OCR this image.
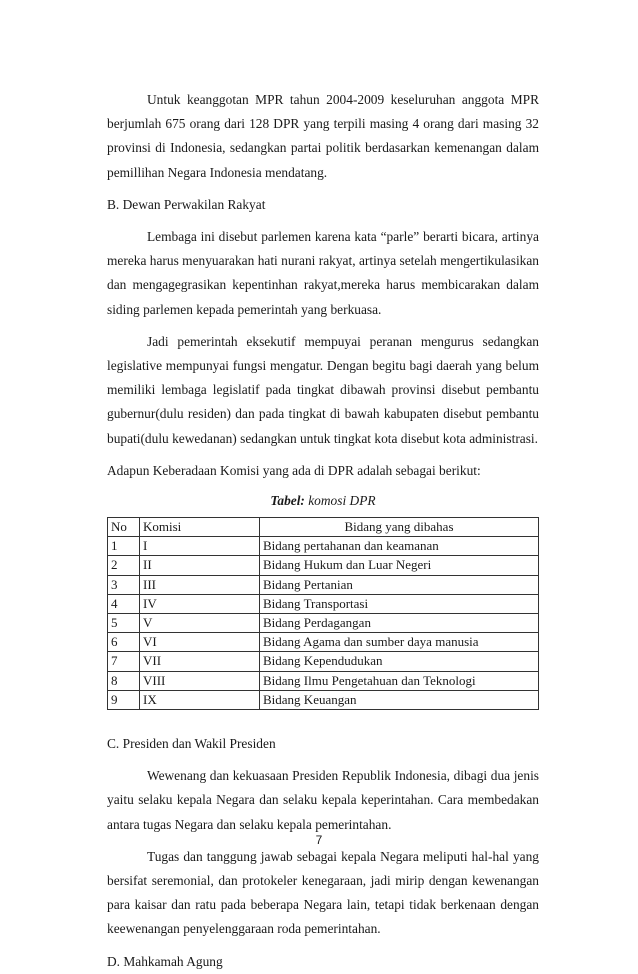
Untuk keanggotan MPR tahun 2004-2009 keseluruhan anggota MPR berjumlah 675 orang dari 128 DPR yang terpili masing 4 orang dari masing 32 provinsi di Indonesia, sedangkan partai politik berdasarkan kemenangan dalam pemillihan Negara Indonesia mendatang.

B. Dewan Perwakilan Rakyat

Lembaga ini disebut parlemen karena kata “parle” berarti bicara, artinya mereka harus menyuarakan hati nurani rakyat, artinya setelah mengertikulasikan dan mengagegrasikan kepentinhan rakyat,mereka harus membicarakan dalam siding parlemen kepada pemerintah yang berkuasa.

Jadi pemerintah eksekutif mempuyai peranan mengurus sedangkan legislative mempunyai fungsi mengatur. Dengan begitu bagi daerah yang belum memiliki lembaga legislatif pada tingkat dibawah provinsi disebut pembantu gubernur(dulu residen) dan pada tingkat di bawah kabupaten disebut pembantu bupati(dulu kewedanan) sedangkan untuk tingkat kota disebut kota administrasi.

Adapun Keberadaan Komisi yang ada di DPR adalah sebagai berikut:

Tabel: komosi DPR
No	Komisi	Bidang yang dibahas
1	I	Bidang pertahanan dan keamanan
2	II	Bidang Hukum dan Luar Negeri
3	III	Bidang Pertanian
4	IV	Bidang Transportasi
5	V	Bidang Perdagangan
6	VI	Bidang Agama dan sumber daya manusia
7	VII	Bidang Kependudukan
8	VIII	Bidang Ilmu Pengetahuan dan Teknologi
9	IX	Bidang Keuangan

C. Presiden dan Wakil Presiden

Wewenang dan kekuasaan Presiden Republik Indonesia, dibagi dua jenis yaitu selaku kepala Negara dan selaku kepala keperintahan. Cara membedakan antara tugas Negara dan selaku kepala pemerintahan.

Tugas dan tanggung jawab sebagai kepala Negara meliputi hal-hal yang bersifat seremonial, dan protokeler kenegaraan, jadi mirip dengan kewenangan para kaisar dan ratu pada beberapa Negara lain, tetapi tidak berkenaan dengan keewenangan penyelenggaraan roda pemerintahan.

D. Mahkamah Agung

7
